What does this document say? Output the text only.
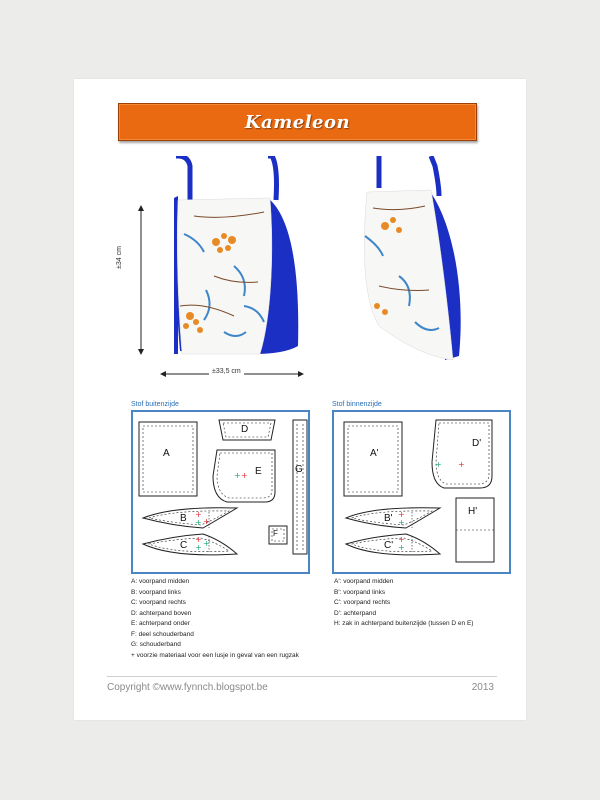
Kameleon
±34 cm
±33,5 cm
Stof buitenzijde
+ +
+
+ +
+
+ +
A
D
E
B
C
F
G
Stof binnenzijde
+ +
+
+
+
+
A'
D'
B'
C'
H'
A: voorpand midden
B: voorpand links
C: voorpand rechts
D: achterpand boven
E: achterpand onder
F: deel schouderband
G: schouderband
+ voorzie materiaal voor een lusje in geval van een rugzak
A': voorpand midden
B': voorpand links
C': voorpand rechts
D': achterpand
H: zak in achterpand buitenzijde (tussen D en E)
Copyright ©www.fynnch.blogspot.be	2013
